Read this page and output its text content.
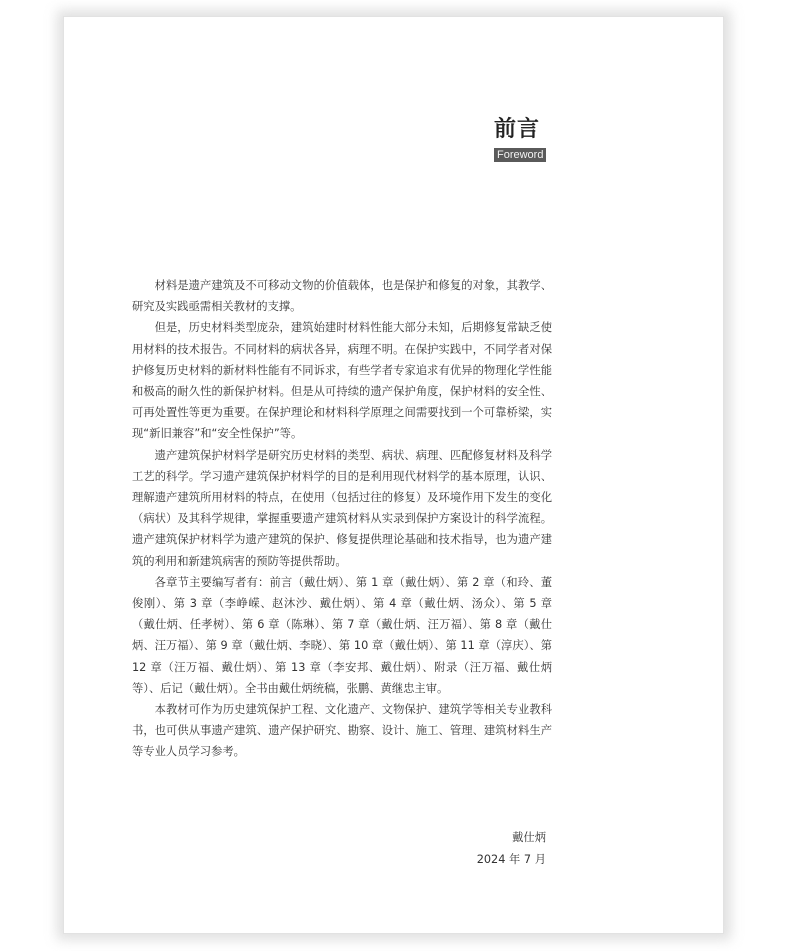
前言
Foreword

材料是遗产建筑及不可移动文物的价值载体，也是保护和修复的对象，其教学、研究及实践亟需相关教材的支撑。

但是，历史材料类型庞杂，建筑始建时材料性能大部分未知，后期修复常缺乏使用材料的技术报告。不同材料的病状各异，病理不明。在保护实践中，不同学者对保护修复历史材料的新材料性能有不同诉求，有些学者专家追求有优异的物理化学性能和极高的耐久性的新保护材料。但是从可持续的遗产保护角度，保护材料的安全性、可再处置性等更为重要。在保护理论和材料科学原理之间需要找到一个可靠桥梁，实现“新旧兼容”和“安全性保护”等。

遗产建筑保护材料学是研究历史材料的类型、病状、病理、匹配修复材料及科学工艺的科学。学习遗产建筑保护材料学的目的是利用现代材料学的基本原理，认识、理解遗产建筑所用材料的特点，在使用（包括过往的修复）及环境作用下发生的变化（病状）及其科学规律，掌握重要遗产建筑材料从实录到保护方案设计的科学流程。遗产建筑保护材料学为遗产建筑的保护、修复提供理论基础和技术指导，也为遗产建筑的利用和新建筑病害的预防等提供帮助。

各章节主要编写者有：前言（戴仕炳）、第 1 章（戴仕炳）、第 2 章（和玲、董俊刚）、第 3 章（李峥嵘、赵沐沙、戴仕炳）、第 4 章（戴仕炳、汤众）、第 5 章（戴仕炳、任孝树）、第 6 章（陈琳）、第 7 章（戴仕炳、汪万福）、第 8 章（戴仕炳、汪万福）、第 9 章（戴仕炳、李晓）、第 10 章（戴仕炳）、第 11 章（淳庆）、第 12 章（汪万福、戴仕炳）、第 13 章（李安邦、戴仕炳）、附录（汪万福、戴仕炳等）、后记（戴仕炳）。全书由戴仕炳统稿，张鹏、黄继忠主审。

本教材可作为历史建筑保护工程、文化遗产、文物保护、建筑学等相关专业教科书，也可供从事遗产建筑、遗产保护研究、勘察、设计、施工、管理、建筑材料生产等专业人员学习参考。

戴仕炳
2024 年 7 月
